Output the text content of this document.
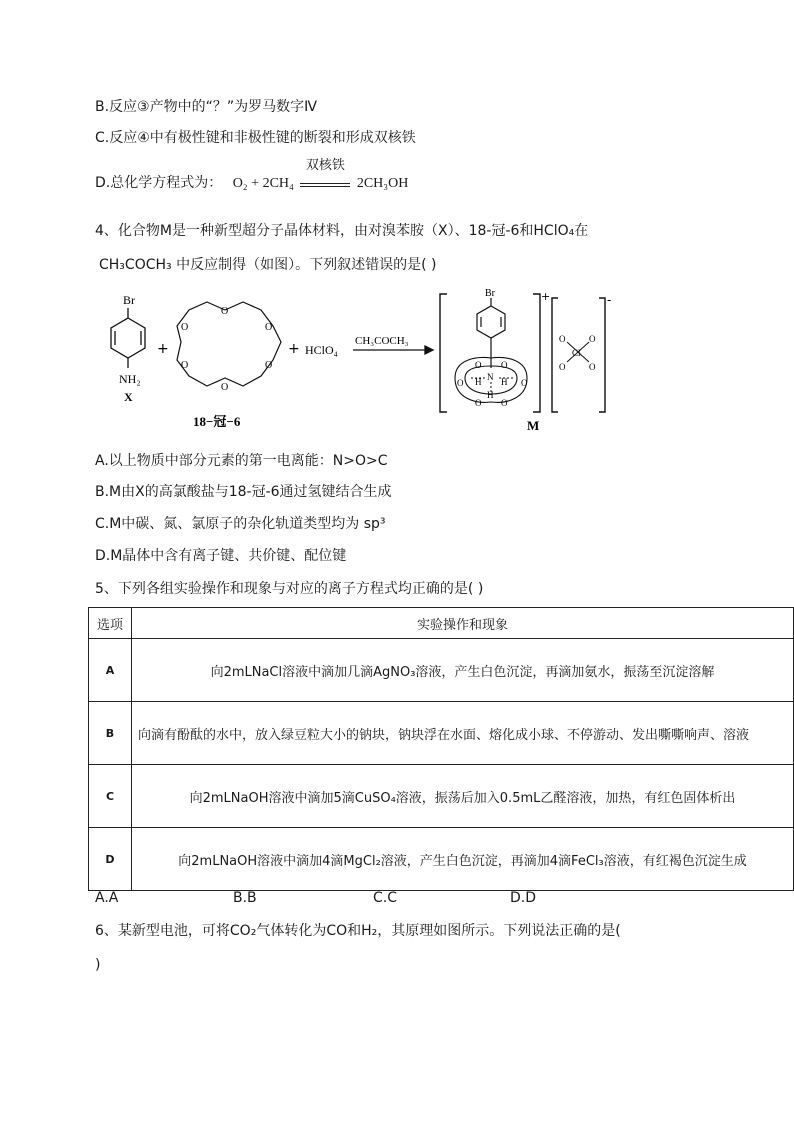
B.反应③产物中的“？”为罗马数字Ⅳ
C.反应④中有极性键和非极性键的断裂和形成双核铁
D.总化学方程式为： O₂ + 2CH₄
双核铁
2CH₃OH
4、化合物M是一种新型超分子晶体材料，由对溴苯胺（X）、18-冠-6和HClO₄在
CH₃COCH₃ 中反应制得（如图）。下列叙述错误的是( )
Br
NH₂
X
+
O
O
O
O
O
O
18−冠−6
+ HClO₄
CH₃COCH₃
+
Br
N
H H
H
O	O
O O
O O
-
Cl
O	O
O	O
M
A.以上物质中部分元素的第一电离能：N>O>C
B.M由X的高氯酸盐与18-冠-6通过氢键结合生成
C.M中碳、氮、氯原子的杂化轨道类型均为 sp³
D.M晶体中含有离子键、共价键、配位键
5、下列各组实验操作和现象与对应的离子方程式均正确的是( )
选项	实验操作和现象
A	向2mLNaCl溶液中滴加几滴AgNO₃溶液，产生白色沉淀，再滴加氨水，振荡至沉淀溶解
B	向滴有酚酞的水中，放入绿豆粒大小的钠块，钠块浮在水面、熔化成小球、不停游动、发出嘶嘶响声、溶液
C	向2mLNaOH溶液中滴加5滴CuSO₄溶液，振荡后加入0.5mL乙醛溶液，加热，有红色固体析出
D	向2mLNaOH溶液中滴加4滴MgCl₂溶液，产生白色沉淀，再滴加4滴FeCl₃溶液，有红褐色沉淀生成
A.A	B.B	C.C	D.D
6、某新型电池，可将CO₂气体转化为CO和H₂，其原理如图所示。下列说法正确的是(
)
